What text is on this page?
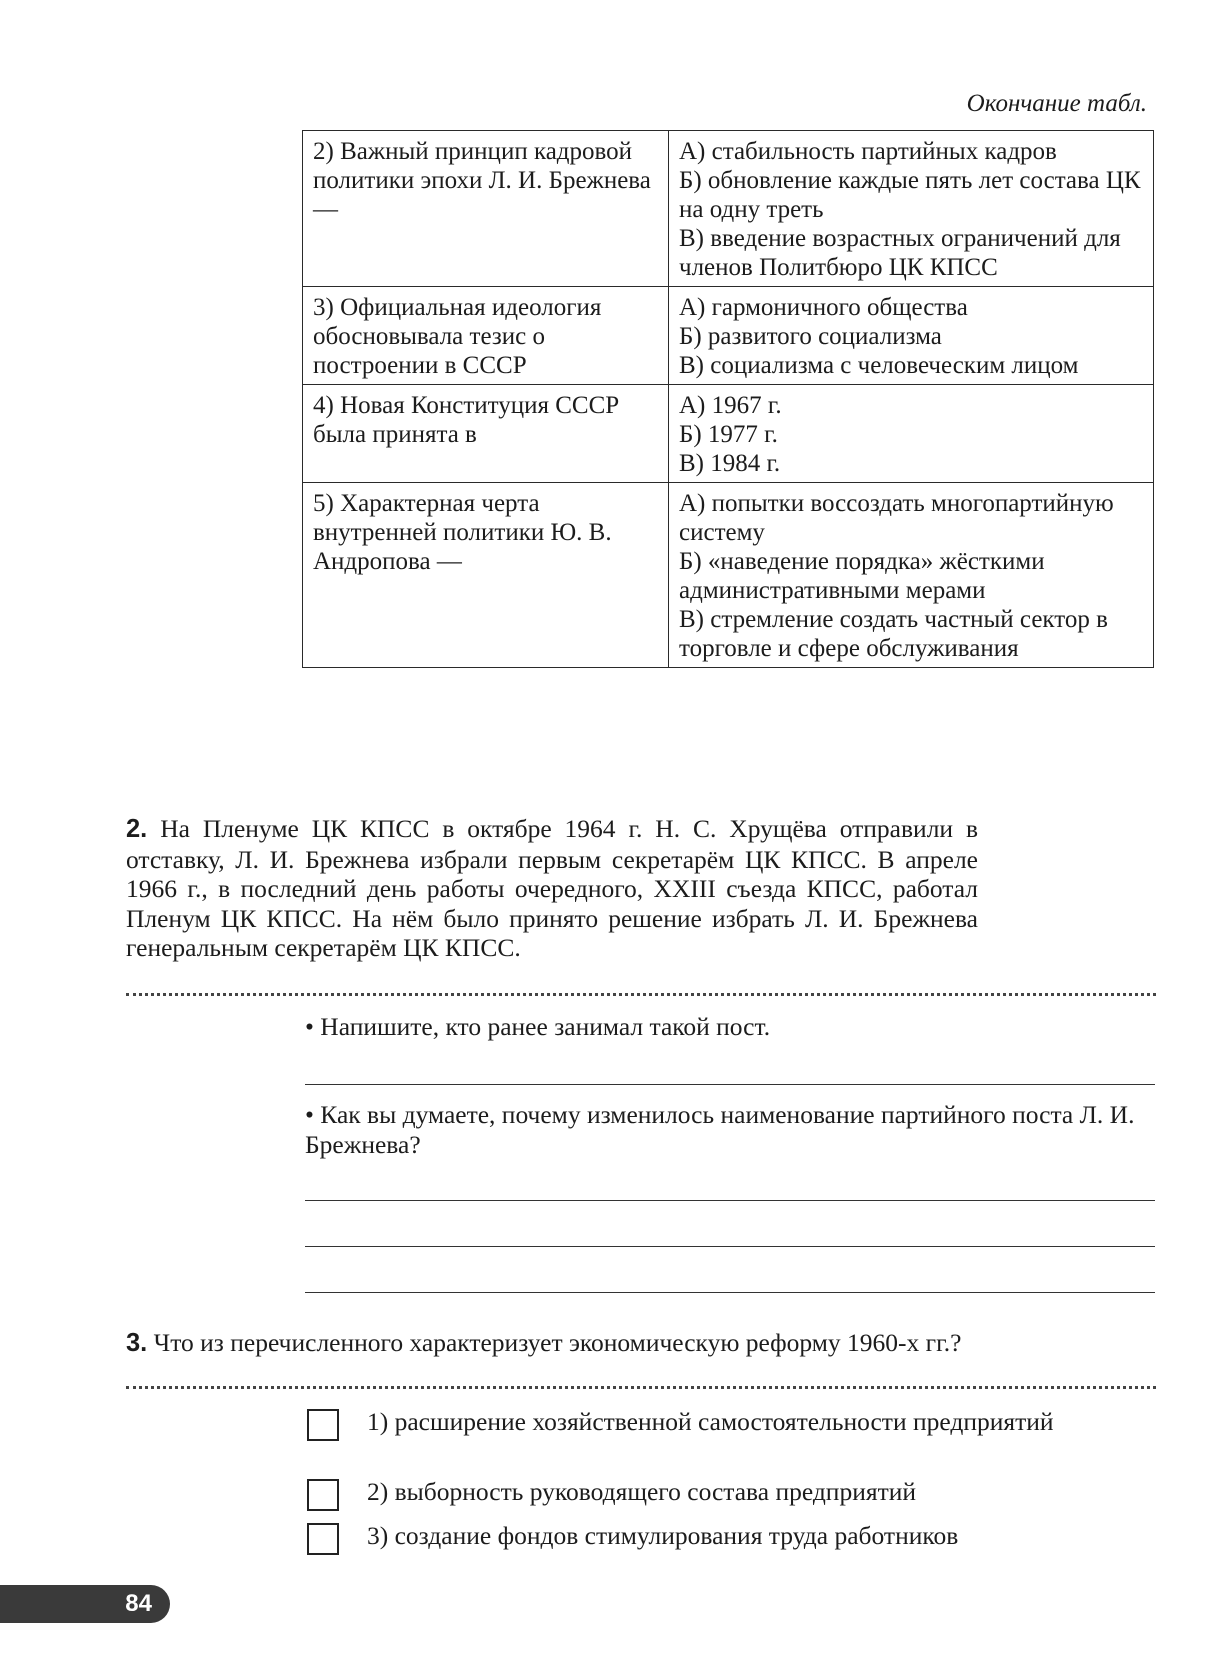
Окончание табл.
2) Важный принцип кадровой политики эпохи Л. И. Брежнева —	А) стабильность партийных кадров
Б) обновление каждые пять лет состава ЦК на одну треть
В) введение возрастных ограничений для членов Политбюро ЦК КПСС

3) Официальная идеология обосновывала тезис о построении в СССР	А) гармоничного общества
Б) развитого социализма
В) социализма с человеческим лицом

4) Новая Конституция СССР была принята в	А) 1967 г.
Б) 1977 г.
В) 1984 г.

5) Характерная черта внутренней политики Ю. В. Андропова —	А) попытки воссоздать многопартийную систему
Б) «наведение порядка» жёсткими административными мерами
В) стремление создать частный сектор в торговле и сфере обслуживания
2. На Пленуме ЦК КПСС в октябре 1964 г. Н. С. Хрущёва отправили в отставку, Л. И. Брежнева избрали первым секретарём ЦК КПСС. В апреле 1966 г., в последний день работы очередного, XXIII съезда КПСС, работал Пленум ЦК КПСС. На нём было принято решение избрать Л. И. Брежнева генеральным секретарём ЦК КПСС.
• Напишите, кто ранее занимал такой пост.
• Как вы думаете, почему изменилось наименование партийного поста Л. И. Брежнева?
3. Что из перечисленного характеризует экономическую реформу 1960-х гг.?
1) расширение хозяйственной самостоятельности предприятий
2) выборность руководящего состава предприятий
3) создание фондов стимулирования труда работников
84
